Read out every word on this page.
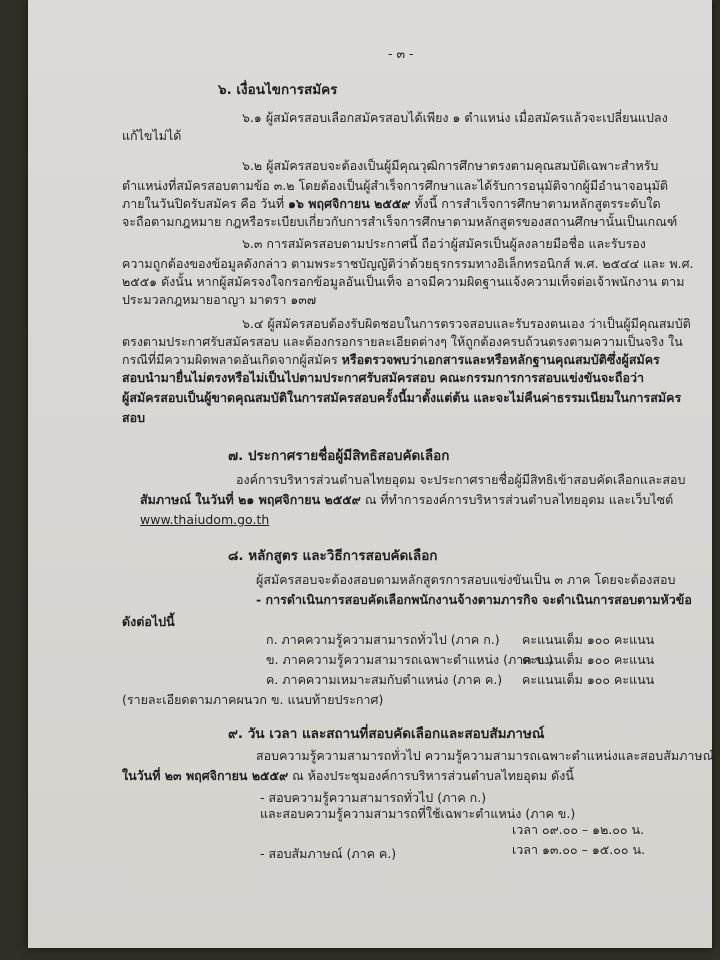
- ๓ -
๖. เงื่อนไขการสมัคร
๖.๑ ผู้สมัครสอบเลือกสมัครสอบได้เพียง ๑ ตำแหน่ง เมื่อสมัครแล้วจะเปลี่ยนแปลง
แก้ไขไม่ได้
๖.๒ ผู้สมัครสอบจะต้องเป็นผู้มีคุณวุฒิการศึกษาตรงตามคุณสมบัติเฉพาะสำหรับ
ตำแหน่งที่สมัครสอบตามข้อ ๓.๒ โดยต้องเป็นผู้สำเร็จการศึกษาและได้รับการอนุมัติจากผู้มีอำนาจอนุมัติ
ภายในวันปิดรับสมัคร คือ วันที่ ๑๖ พฤศจิกายน ๒๕๕๙ ทั้งนี้ การสำเร็จการศึกษาตามหลักสูตรระดับใด
จะถือตามกฎหมาย กฎหรือระเบียบเกี่ยวกับการสำเร็จการศึกษาตามหลักสูตรของสถานศึกษานั้นเป็นเกณฑ์
๖.๓ การสมัครสอบตามประกาศนี้ ถือว่าผู้สมัครเป็นผู้ลงลายมือชื่อ และรับรอง
ความถูกต้องของข้อมูลดังกล่าว ตามพระราชบัญญัติว่าด้วยธุรกรรมทางอิเล็กทรอนิกส์ พ.ศ. ๒๕๔๔ และ พ.ศ.
๒๕๕๑ ดังนั้น หากผู้สมัครจงใจกรอกข้อมูลอันเป็นเท็จ อาจมีความผิดฐานแจ้งความเท็จต่อเจ้าพนักงาน ตาม
ประมวลกฎหมายอาญา มาตรา ๑๓๗
๖.๔ ผู้สมัครสอบต้องรับผิดชอบในการตรวจสอบและรับรองตนเอง ว่าเป็นผู้มีคุณสมบัติ
ตรงตามประกาศรับสมัครสอบ และต้องกรอกรายละเอียดต่างๆ ให้ถูกต้องครบถ้วนตรงตามความเป็นจริง ใน
กรณีที่มีความผิดพลาดอันเกิดจากผู้สมัคร หรือตรวจพบว่าเอกสารและหรือหลักฐานคุณสมบัติซึ่งผู้สมัคร
สอบนำมายื่นไม่ตรงหรือไม่เป็นไปตามประกาศรับสมัครสอบ คณะกรรมการการสอบแข่งขันจะถือว่า
ผู้สมัครสอบเป็นผู้ขาดคุณสมบัติในการสมัครสอบครั้งนี้มาตั้งแต่ต้น และจะไม่คืนค่าธรรมเนียมในการสมัคร
สอบ
๗. ประกาศรายชื่อผู้มีสิทธิสอบคัดเลือก
องค์การบริหารส่วนตำบลไทยอุดม จะประกาศรายชื่อผู้มีสิทธิเข้าสอบคัดเลือกและสอบ
สัมภาษณ์ ในวันที่ ๒๑ พฤศจิกายน ๒๕๕๙ ณ ที่ทำการองค์การบริหารส่วนตำบลไทยอุดม และเว็บไซต์
www.thaiudom.go.th
๘. หลักสูตร และวิธีการสอบคัดเลือก
ผู้สมัครสอบจะต้องสอบตามหลักสูตรการสอบแข่งขันเป็น ๓ ภาค โดยจะต้องสอบ
- การดำเนินการสอบคัดเลือกพนักงานจ้างตามภารกิจ จะดำเนินการสอบตามหัวข้อ
ดังต่อไปนี้
ก. ภาคความรู้ความสามารถทั่วไป (ภาค ก.) คะแนนเต็ม ๑๐๐ คะแนน
ข. ภาคความรู้ความสามารถเฉพาะตำแหน่ง (ภาค ข.)
คะแนนเต็ม ๑๐๐ คะแนน
ค. ภาคความเหมาะสมกับตำแหน่ง (ภาค ค.) คะแนนเต็ม ๑๐๐ คะแนน
(รายละเอียดตามภาคผนวก ข. แนบท้ายประกาศ)
๙. วัน เวลา และสถานที่สอบคัดเลือกและสอบสัมภาษณ์
สอบความรู้ความสามารถทั่วไป ความรู้ความสามารถเฉพาะตำแหน่งและสอบสัมภาษณ์
ในวันที่ ๒๓ พฤศจิกายน ๒๕๕๙ ณ ห้องประชุมองค์การบริหารส่วนตำบลไทยอุดม ดังนี้
- สอบความรู้ความสามารถทั่วไป (ภาค ก.)
และสอบความรู้ความสามารถที่ใช้เฉพาะตำแหน่ง (ภาค ข.)
เวลา ๐๙.๐๐ – ๑๒.๐๐ น.
เวลา ๑๓.๐๐ – ๑๕.๐๐ น.
- สอบสัมภาษณ์ (ภาค ค.)
